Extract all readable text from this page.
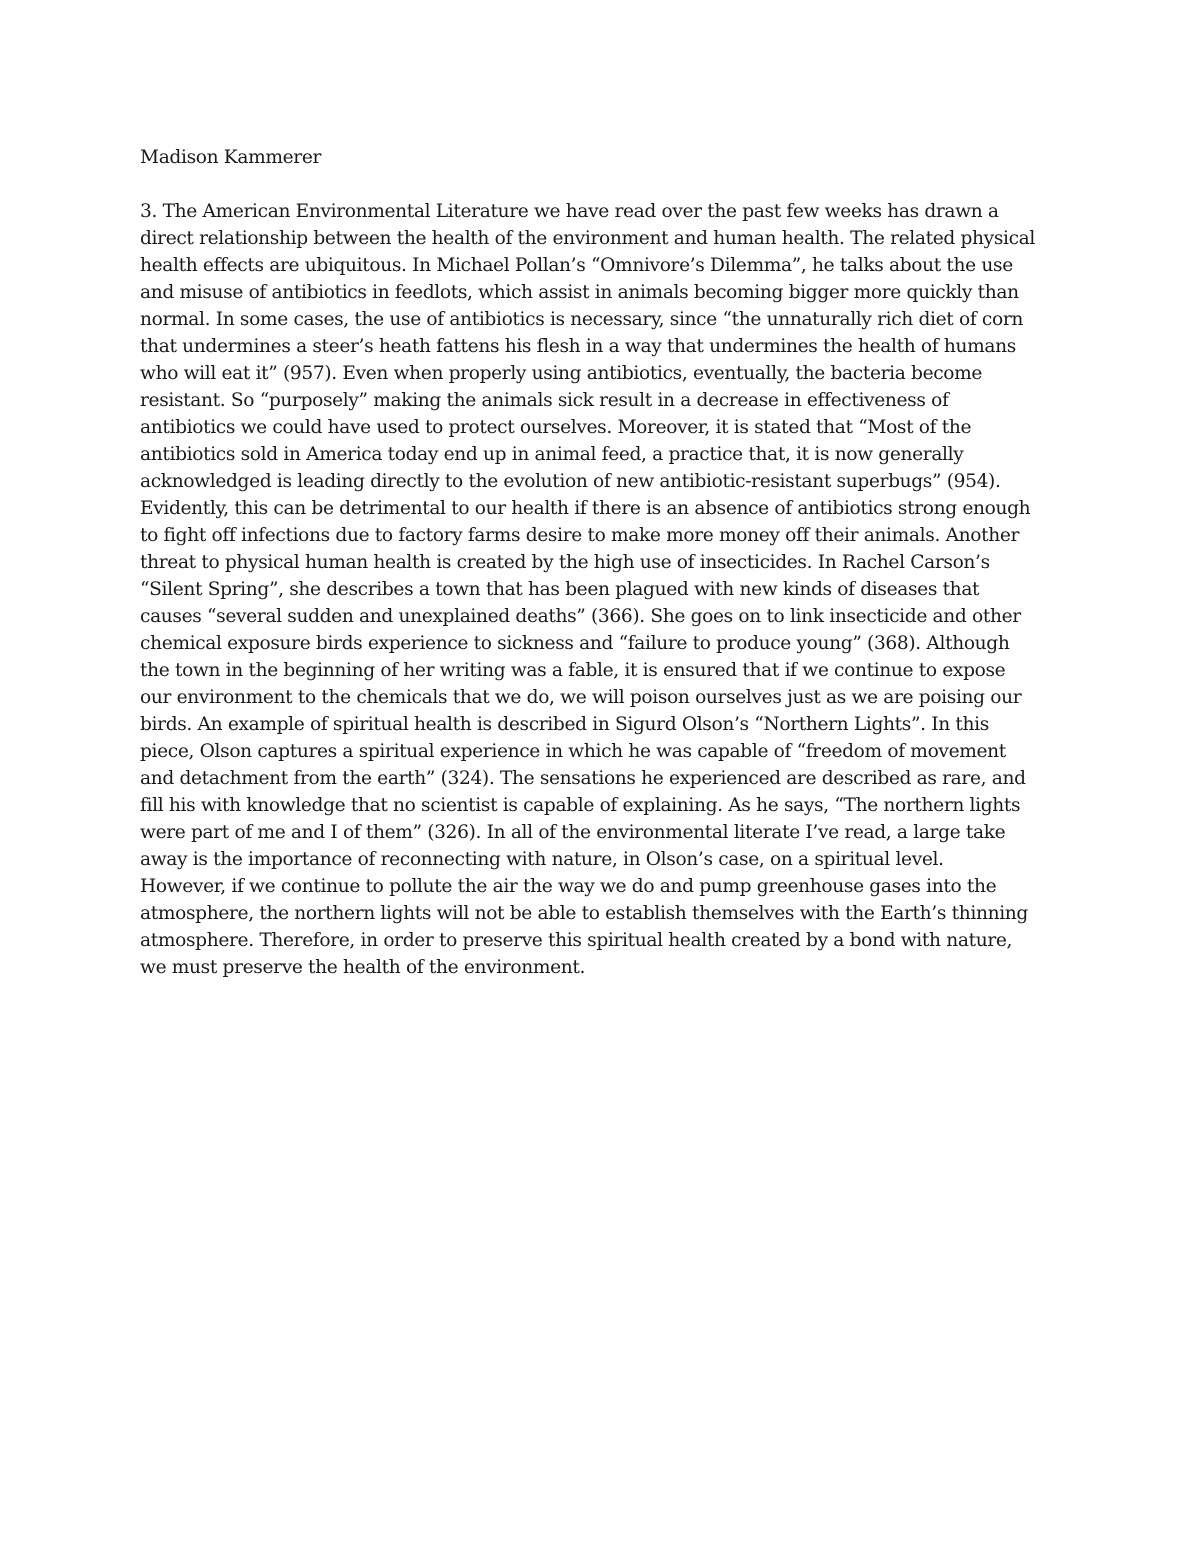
Madison Kammerer
3. The American Environmental Literature we have read over the past few weeks has drawn a
direct relationship between the health of the environment and human health. The related physical
health effects are ubiquitous. In Michael Pollan’s “Omnivore’s Dilemma”, he talks about the use
and misuse of antibiotics in feedlots, which assist in animals becoming bigger more quickly than
normal. In some cases, the use of antibiotics is necessary, since “the unnaturally rich diet of corn
that undermines a steer’s heath fattens his flesh in a way that undermines the health of humans
who will eat it” (957). Even when properly using antibiotics, eventually, the bacteria become
resistant. So “purposely” making the animals sick result in a decrease in effectiveness of
antibiotics we could have used to protect ourselves. Moreover, it is stated that “Most of the
antibiotics sold in America today end up in animal feed, a practice that, it is now generally
acknowledged is leading directly to the evolution of new antibiotic-resistant superbugs” (954).
Evidently, this can be detrimental to our health if there is an absence of antibiotics strong enough
to fight off infections due to factory farms desire to make more money off their animals. Another
threat to physical human health is created by the high use of insecticides. In Rachel Carson’s
“Silent Spring”, she describes a town that has been plagued with new kinds of diseases that
causes “several sudden and unexplained deaths” (366). She goes on to link insecticide and other
chemical exposure birds experience to sickness and “failure to produce young” (368). Although
the town in the beginning of her writing was a fable, it is ensured that if we continue to expose
our environment to the chemicals that we do, we will poison ourselves just as we are poising our
birds. An example of spiritual health is described in Sigurd Olson’s “Northern Lights”. In this
piece, Olson captures a spiritual experience in which he was capable of “freedom of movement
and detachment from the earth” (324). The sensations he experienced are described as rare, and
fill his with knowledge that no scientist is capable of explaining. As he says, “The northern lights
were part of me and I of them” (326). In all of the environmental literate I’ve read, a large take
away is the importance of reconnecting with nature, in Olson’s case, on a spiritual level.
However, if we continue to pollute the air the way we do and pump greenhouse gases into the
atmosphere, the northern lights will not be able to establish themselves with the Earth’s thinning
atmosphere. Therefore, in order to preserve this spiritual health created by a bond with nature,
we must preserve the health of the environment.
